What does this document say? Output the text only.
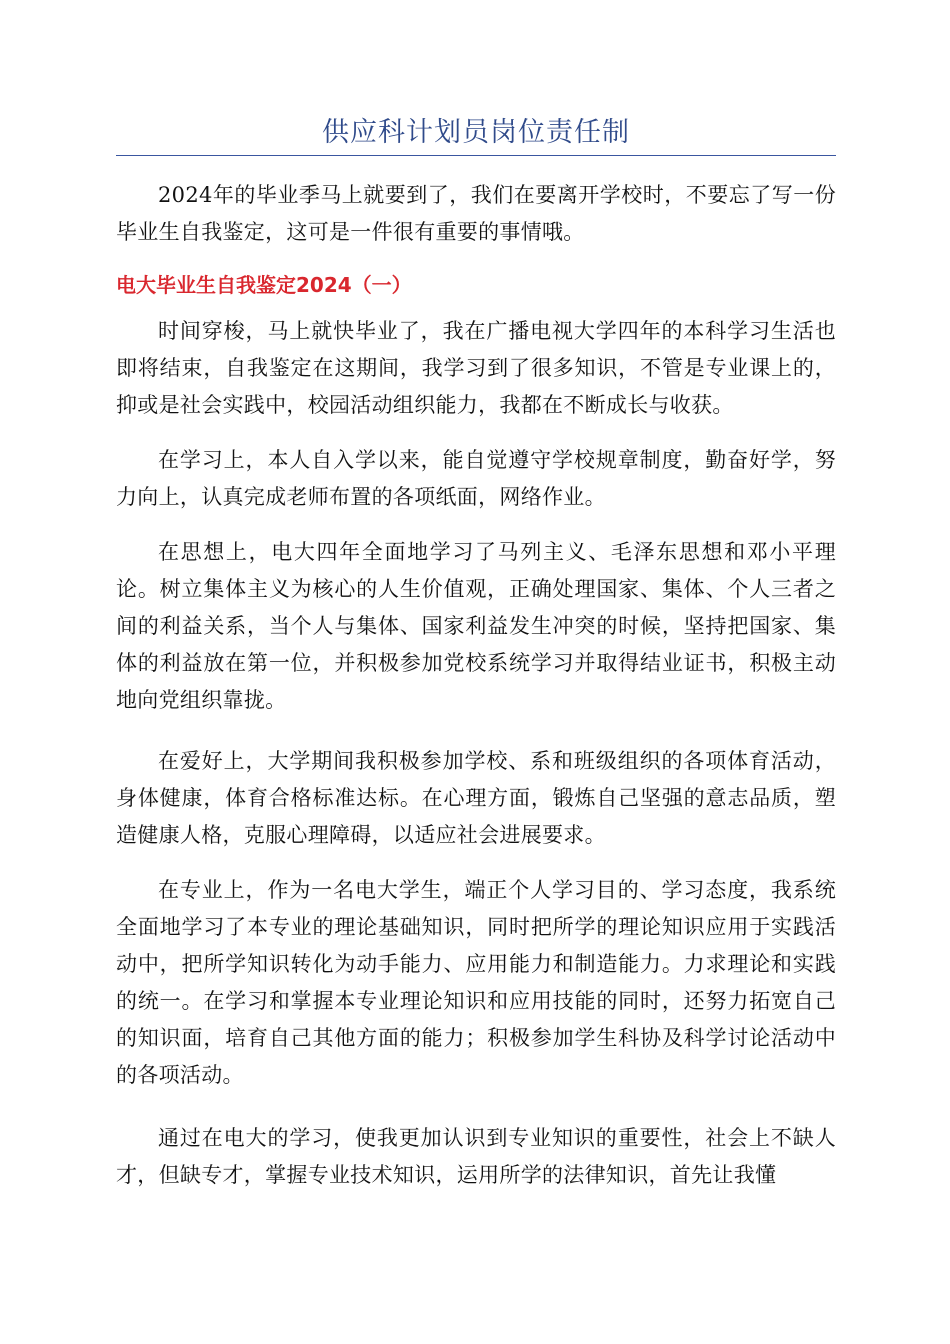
供应科计划员岗位责任制

2024年的毕业季马上就要到了，我们在要离开学校时，不要忘了写一份毕业生自我鉴定，这可是一件很有重要的事情哦。

电大毕业生自我鉴定2024（一）

时间穿梭，马上就快毕业了，我在广播电视大学四年的本科学习生活也即将结束，自我鉴定在这期间，我学习到了很多知识，不管是专业课上的，抑或是社会实践中，校园活动组织能力，我都在不断成长与收获。

在学习上，本人自入学以来，能自觉遵守学校规章制度，勤奋好学，努力向上，认真完成老师布置的各项纸面，网络作业。

在思想上，电大四年全面地学习了马列主义、毛泽东思想和邓小平理论。树立集体主义为核心的人生价值观，正确处理国家、集体、个人三者之间的利益关系，当个人与集体、国家利益发生冲突的时候，坚持把国家、集体的利益放在第一位，并积极参加党校系统学习并取得结业证书，积极主动地向党组织靠拢。

在爱好上，大学期间我积极参加学校、系和班级组织的各项体育活动，身体健康，体育合格标准达标。在心理方面，锻炼自己坚强的意志品质，塑造健康人格，克服心理障碍，以适应社会进展要求。

在专业上，作为一名电大学生，端正个人学习目的、学习态度，我系统全面地学习了本专业的理论基础知识，同时把所学的理论知识应用于实践活动中，把所学知识转化为动手能力、应用能力和制造能力。力求理论和实践的统一。在学习和掌握本专业理论知识和应用技能的同时，还努力拓宽自己的知识面，培育自己其他方面的能力；积极参加学生科协及科学讨论活动中的各项活动。

通过在电大的学习，使我更加认识到专业知识的重要性，社会上不缺人才，但缺专才，掌握专业技术知识，运用所学的法律知识，首先让我懂
